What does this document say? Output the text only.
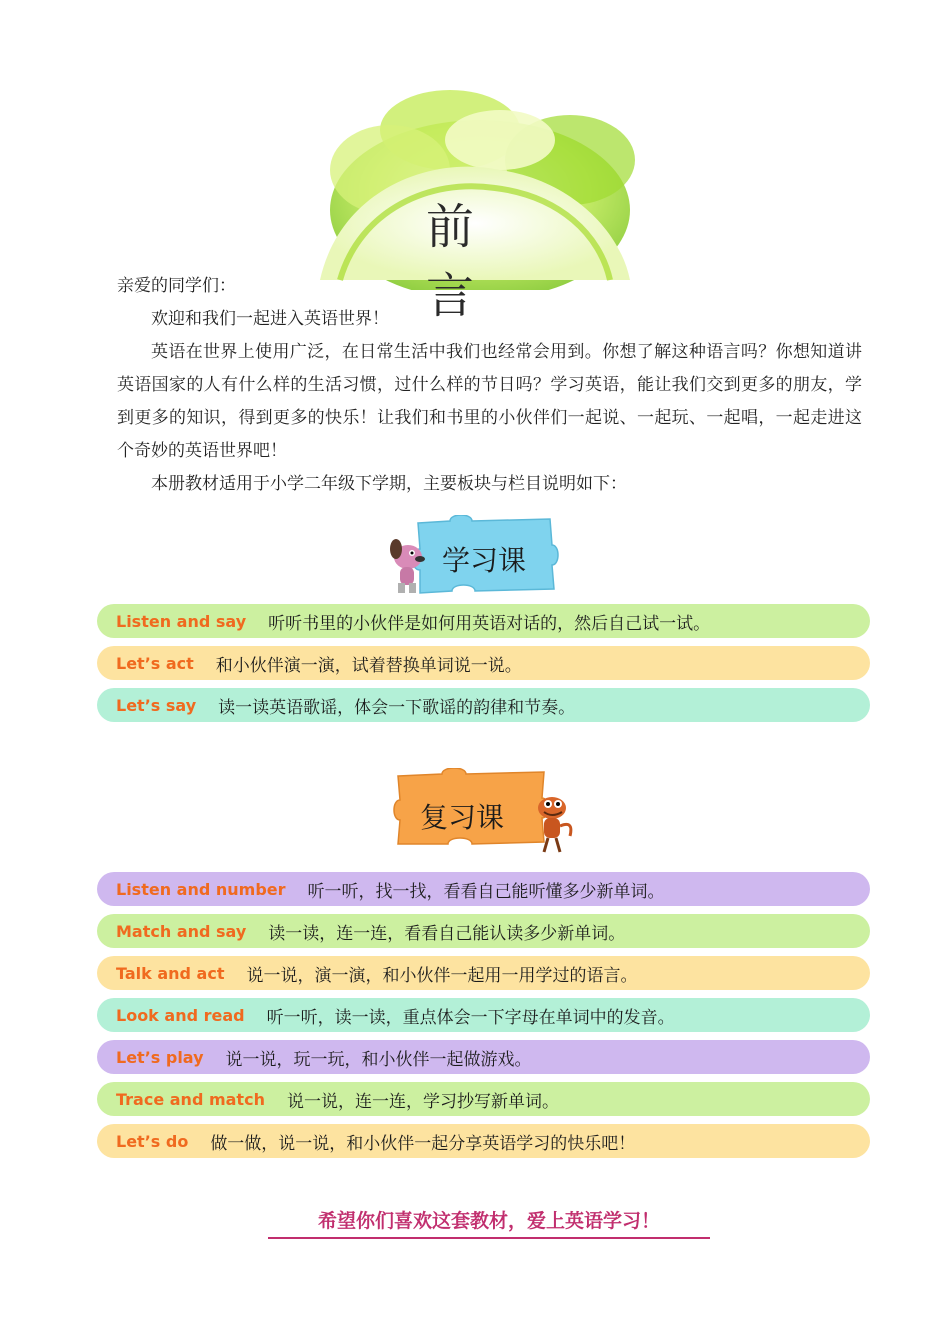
前　言

亲爱的同学们：

欢迎和我们一起进入英语世界！

英语在世界上使用广泛，在日常生活中我们也经常会用到。你想了解这种语言吗？你想知道讲英语国家的人有什么样的生活习惯，过什么样的节日吗？学习英语，能让我们交到更多的朋友，学到更多的知识，得到更多的快乐！让我们和书里的小伙伴们一起说、一起玩、一起唱，一起走进这个奇妙的英语世界吧！

本册教材适用于小学二年级下学期，主要板块与栏目说明如下：

学习课
Listen and say 听听书里的小伙伴是如何用英语对话的，然后自己试一试。
Let’s act 和小伙伴演一演，试着替换单词说一说。
Let’s say 读一读英语歌谣，体会一下歌谣的韵律和节奏。
复习课
Listen and number 听一听，找一找，看看自己能听懂多少新单词。
Match and say 读一读，连一连，看看自己能认读多少新单词。
Talk and act 说一说，演一演，和小伙伴一起用一用学过的语言。
Look and read 听一听，读一读，重点体会一下字母在单词中的发音。
Let’s play 说一说，玩一玩，和小伙伴一起做游戏。
Trace and match 说一说，连一连，学习抄写新单词。
Let’s do 做一做，说一说，和小伙伴一起分享英语学习的快乐吧！
希望你们喜欢这套教材，爱上英语学习！
